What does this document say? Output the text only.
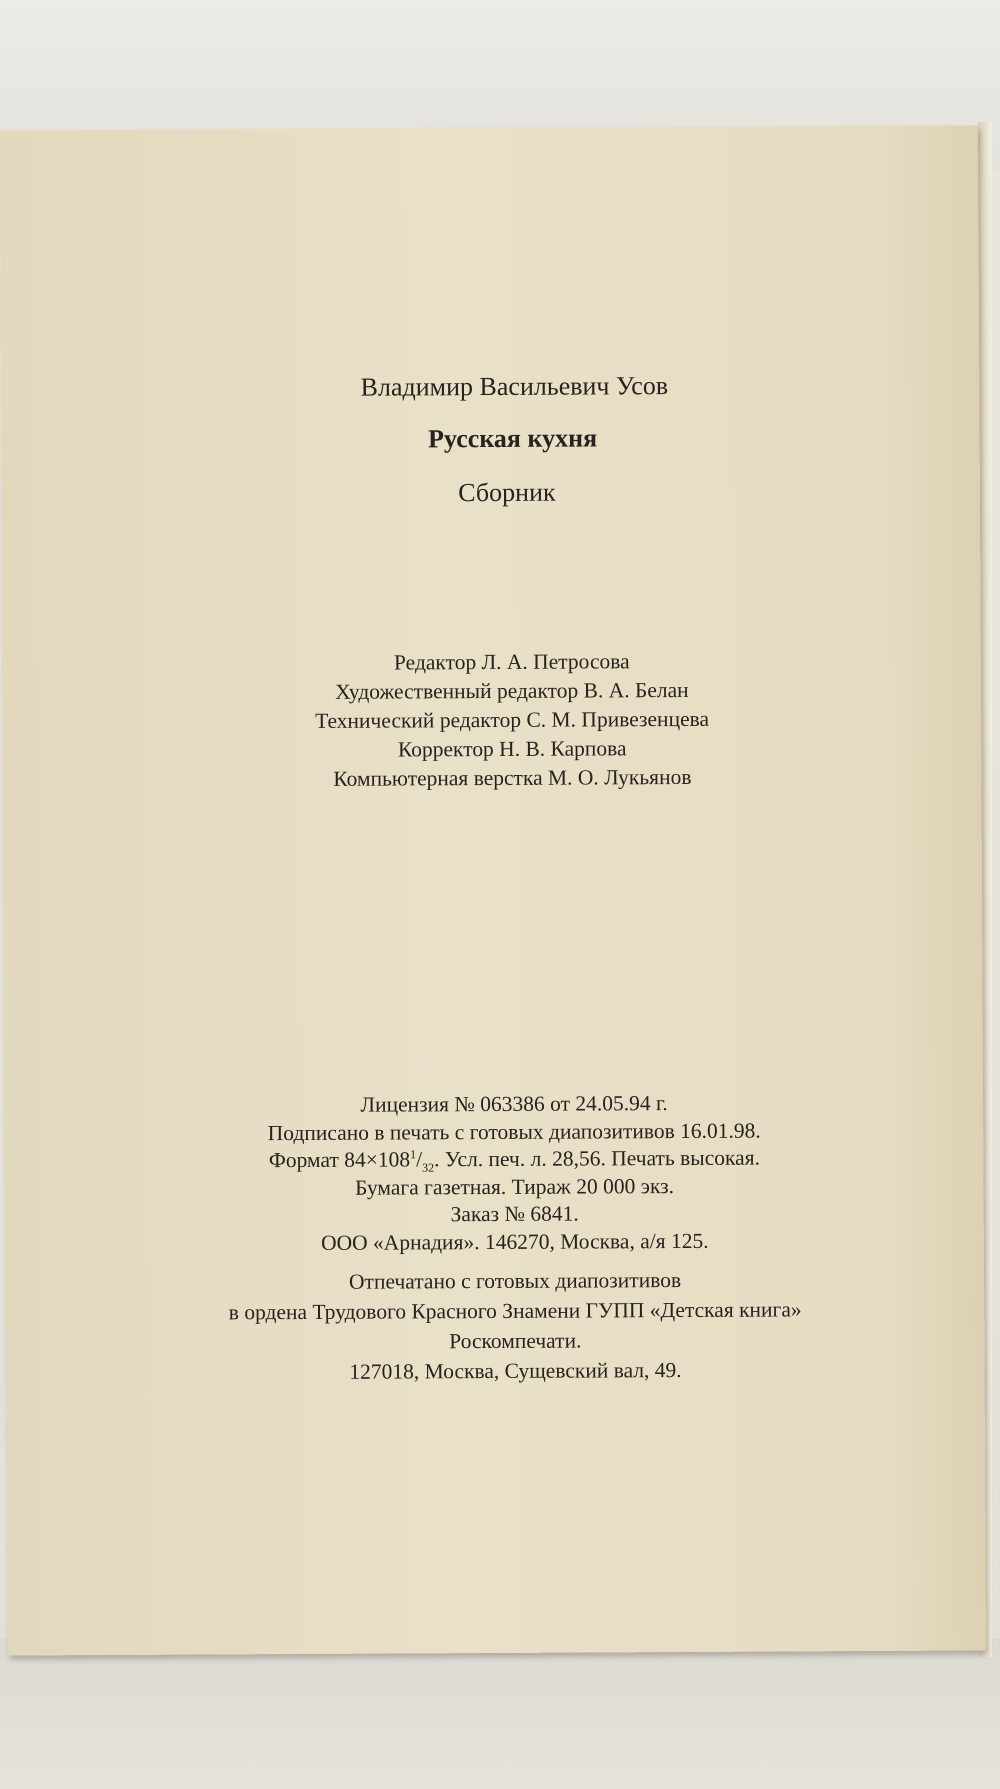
Владимир Васильевич Усов
Русская кухня
Сборник
Редактор Л. А. Петросова
Художественный редактор В. А. Белан
Технический редактор С. М. Привезенцева
Корректор Н. В. Карпова
Компьютерная верстка М. О. Лукьянов
Лицензия № 063386 от 24.05.94 г.
Подписано в печать с готовых диапозитивов 16.01.98.
Формат $84\times 108^1/_{32}$. Усл. печ. л. 28,56. Печать высокая.
Бумага газетная. Тираж 20 000 экз.
Заказ № 6841.
ООО «Арнадия». 146270, Москва, а/я 125.
Отпечатано с готовых диапозитивов
в ордена Трудового Красного Знамени ГУПП «Детская книга»
Роскомпечати.
127018, Москва, Сущевский вал, 49.
